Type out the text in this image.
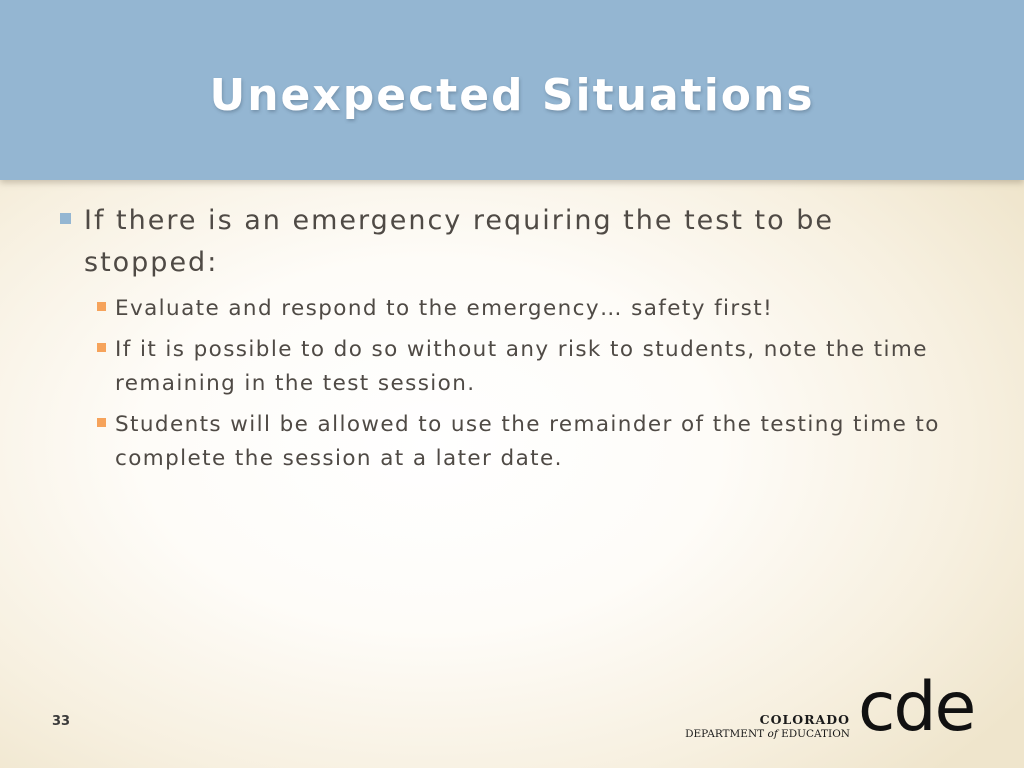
Unexpected Situations
If there is an emergency requiring the test to be stopped:
Evaluate and respond to the emergency… safety first!
If it is possible to do so without any risk to students, note the time remaining in the test session.
Students will be allowed to use the remainder of the testing time to complete the session at a later date.
33	COLORADO
DEPARTMENT of EDUCATION cde
